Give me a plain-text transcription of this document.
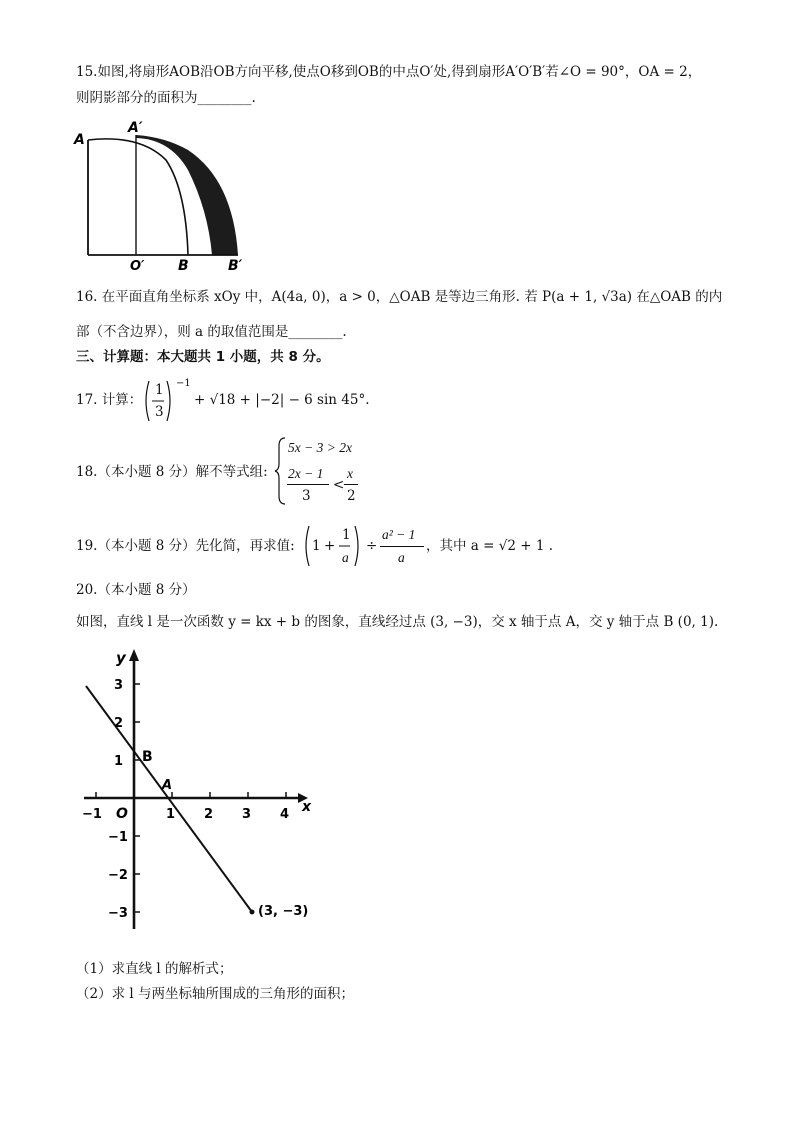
15.如图,将扇形AOB沿OB方向平移,使点O移到OB的中点O′处,得到扇形A′O′B′若∠O = 90°，OA = 2，
则阴影部分的面积为________.
A
A′
O′ B	B′
16. 在平面直角坐标系 xOy 中，A(4a, 0)，a > 0，△OAB 是等边三角形. 若 P(a + 1, √3a) 在△OAB 的内
部（不含边界），则 a 的取值范围是________.
三、计算题：本大题共 1 小题，共 8 分。
17. 计算：
1
3
−1
+ √18 + |−2| − 6 sin 45°.
18.（本小题 8 分）解不等式组:
5x − 3 > 2x
2x − 1
3
<
x
2
19.（本小题 8 分）先化简，再求值: 1 +
1
a
÷
a² − 1
a
，其中 a = √2 + 1 .
20.（本小题 8 分）
如图，直线 l 是一次函数 y = kx + b 的图象，直线经过点 (3, −3)，交 x 轴于点 A，交 y 轴于点 B (0, 1).
y
x
O
−1	1 2 3 4
3
2
1
−1
−2
−3
B
A
(3, −3)
（1）求直线 l 的解析式；
（2）求 l 与两坐标轴所围成的三角形的面积；
